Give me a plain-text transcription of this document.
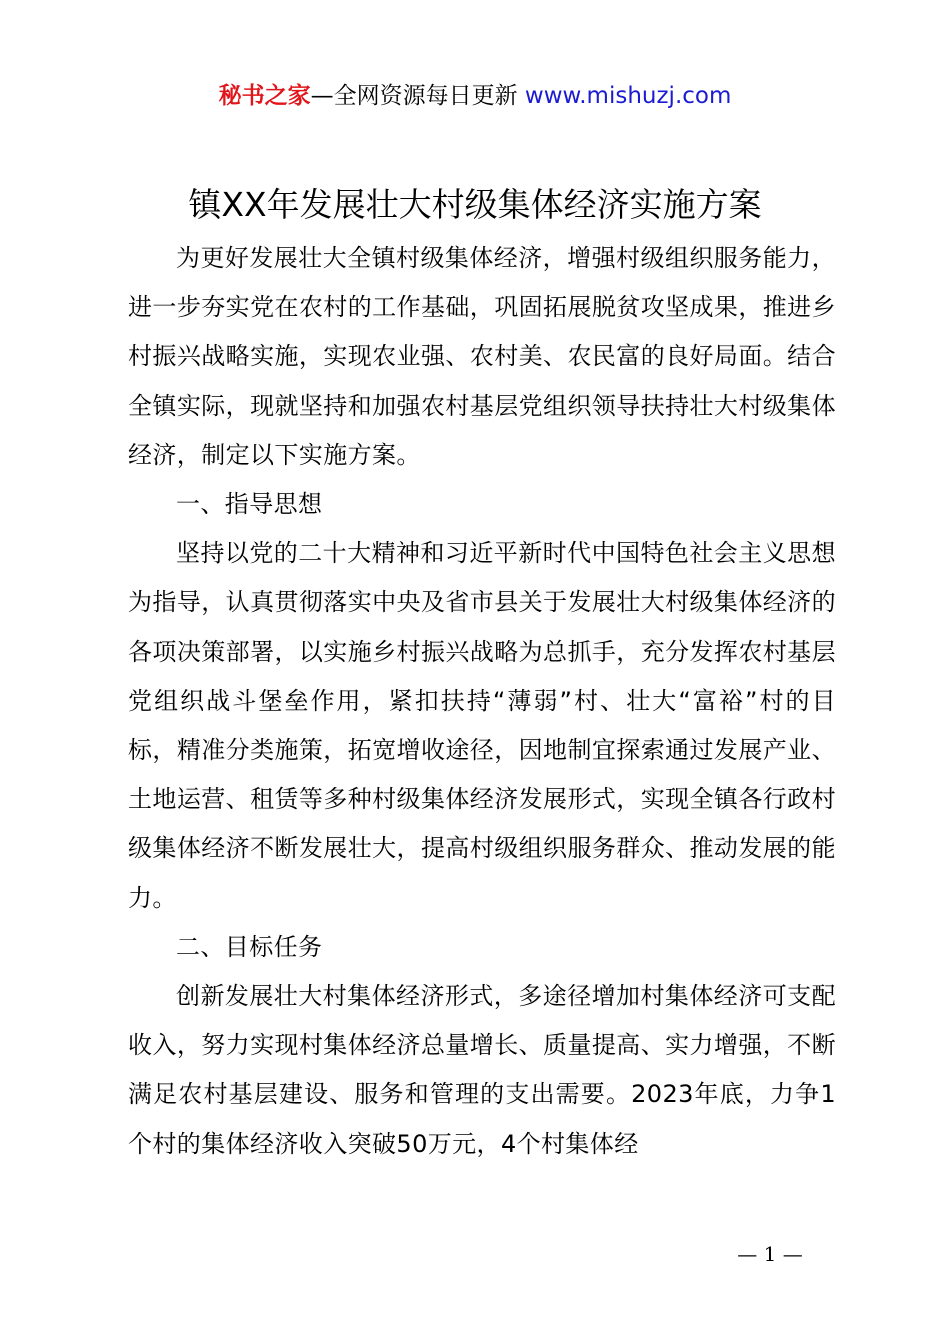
秘书之家—全网资源每日更新 www.mishuzj.com
镇XX年发展壮大村级集体经济实施方案

为更好发展壮大全镇村级集体经济，增强村级组织服务能力，进一步夯实党在农村的工作基础，巩固拓展脱贫攻坚成果，推进乡村振兴战略实施，实现农业强、农村美、农民富的良好局面。结合全镇实际，现就坚持和加强农村基层党组织领导扶持壮大村级集体经济，制定以下实施方案。

一、指导思想

坚持以党的二十大精神和习近平新时代中国特色社会主义思想为指导，认真贯彻落实中央及省市县关于发展壮大村级集体经济的各项决策部署，以实施乡村振兴战略为总抓手，充分发挥农村基层党组织战斗堡垒作用，紧扣扶持“薄弱”村、壮大“富裕”村的目标，精准分类施策，拓宽增收途径，因地制宜探索通过发展产业、土地运营、租赁等多种村级集体经济发展形式，实现全镇各行政村级集体经济不断发展壮大，提高村级组织服务群众、推动发展的能力。

二、目标任务

创新发展壮大村集体经济形式，多途径增加村集体经济可支配收入，努力实现村集体经济总量增长、质量提高、实力增强，不断满足农村基层建设、服务和管理的支出需要。2023年底，力争1个村的集体经济收入突破50万元，4个村集体经

— 1 —
